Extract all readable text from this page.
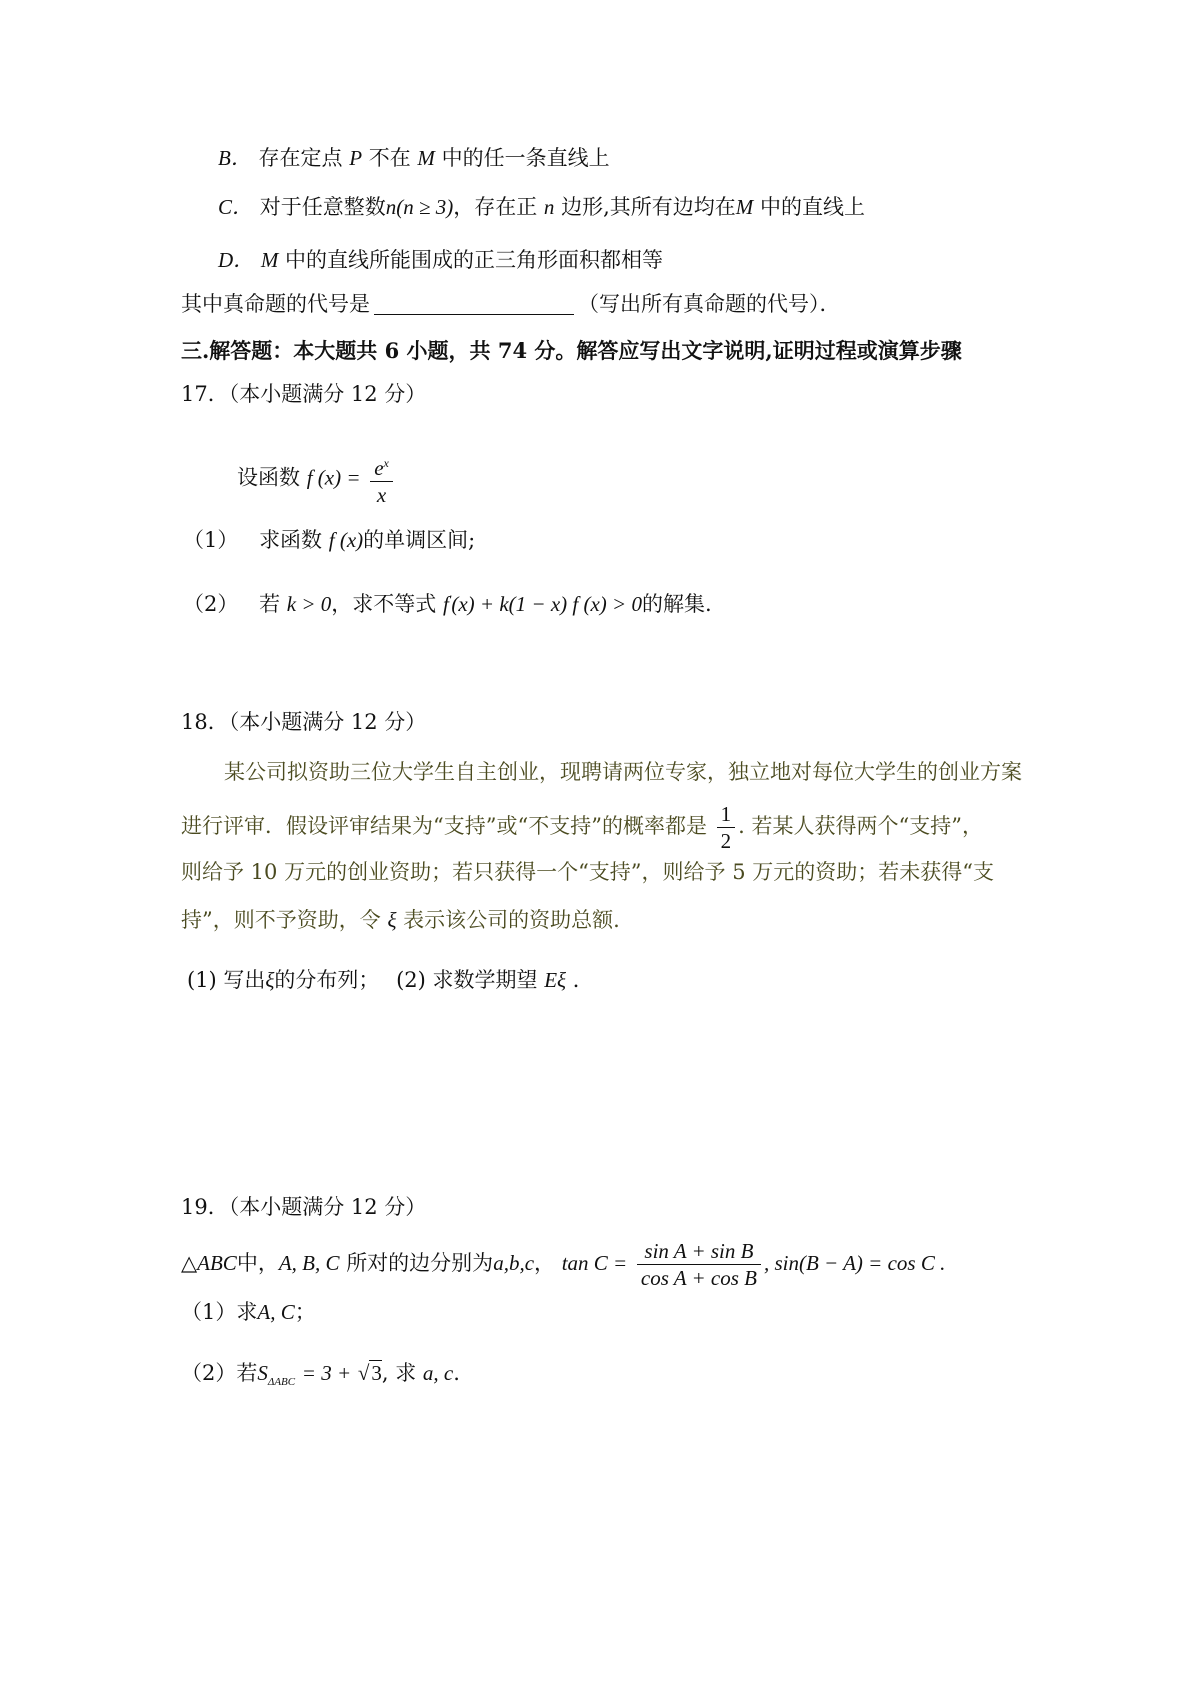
B． 存在定点 P 不在 M 中的任一条直线上
C． 对于任意整数n(n ≥ 3)，存在正 n 边形,其所有边均在M 中的直线上
D． M 中的直线所能围成的正三角形面积都相等
其中真命题的代号是	（写出所有真命题的代号）．
三.解答题：本大题共 6 小题，共 74 分。解答应写出文字说明,证明过程或演算步骤
17．（本小题满分 12 分）
设函数 f $(x) = \frac{e^x}{x}$
（1） 求函数 f (x)的单调区间;
（2） 若 k > 0，求不等式 f'(x) + k(1 − x) f (x) > 0的解集.
18．（本小题满分 12 分）
某公司拟资助三位大学生自主创业，现聘请两位专家，独立地对每位大学生的创业方案
进行评审．假设评审结果为“支持”或“不支持”的概率都是 $\frac{1}{2}$ . 若某人获得两个“支持”，
则给予 10 万元的创业资助；若只获得一个“支持”，则给予 5 万元的资助；若未获得“支
持”，则不予资助，令 ξ 表示该公司的资助总额.
(1) 写出ξ的分布列； (2) 求数学期望 Eξ ．
19．（本小题满分 12 分）
△ABC中，A, B, C 所对的边分别为a,b,c， $\tan C = \frac{\text{sin A + sin B}}{\text{cos A + cos B}}$ , sin(B − A) = cos C .
（1）求A, C；
（2）若$S_{\Delta ABC} = 3 + √3$, 求 a, c.
